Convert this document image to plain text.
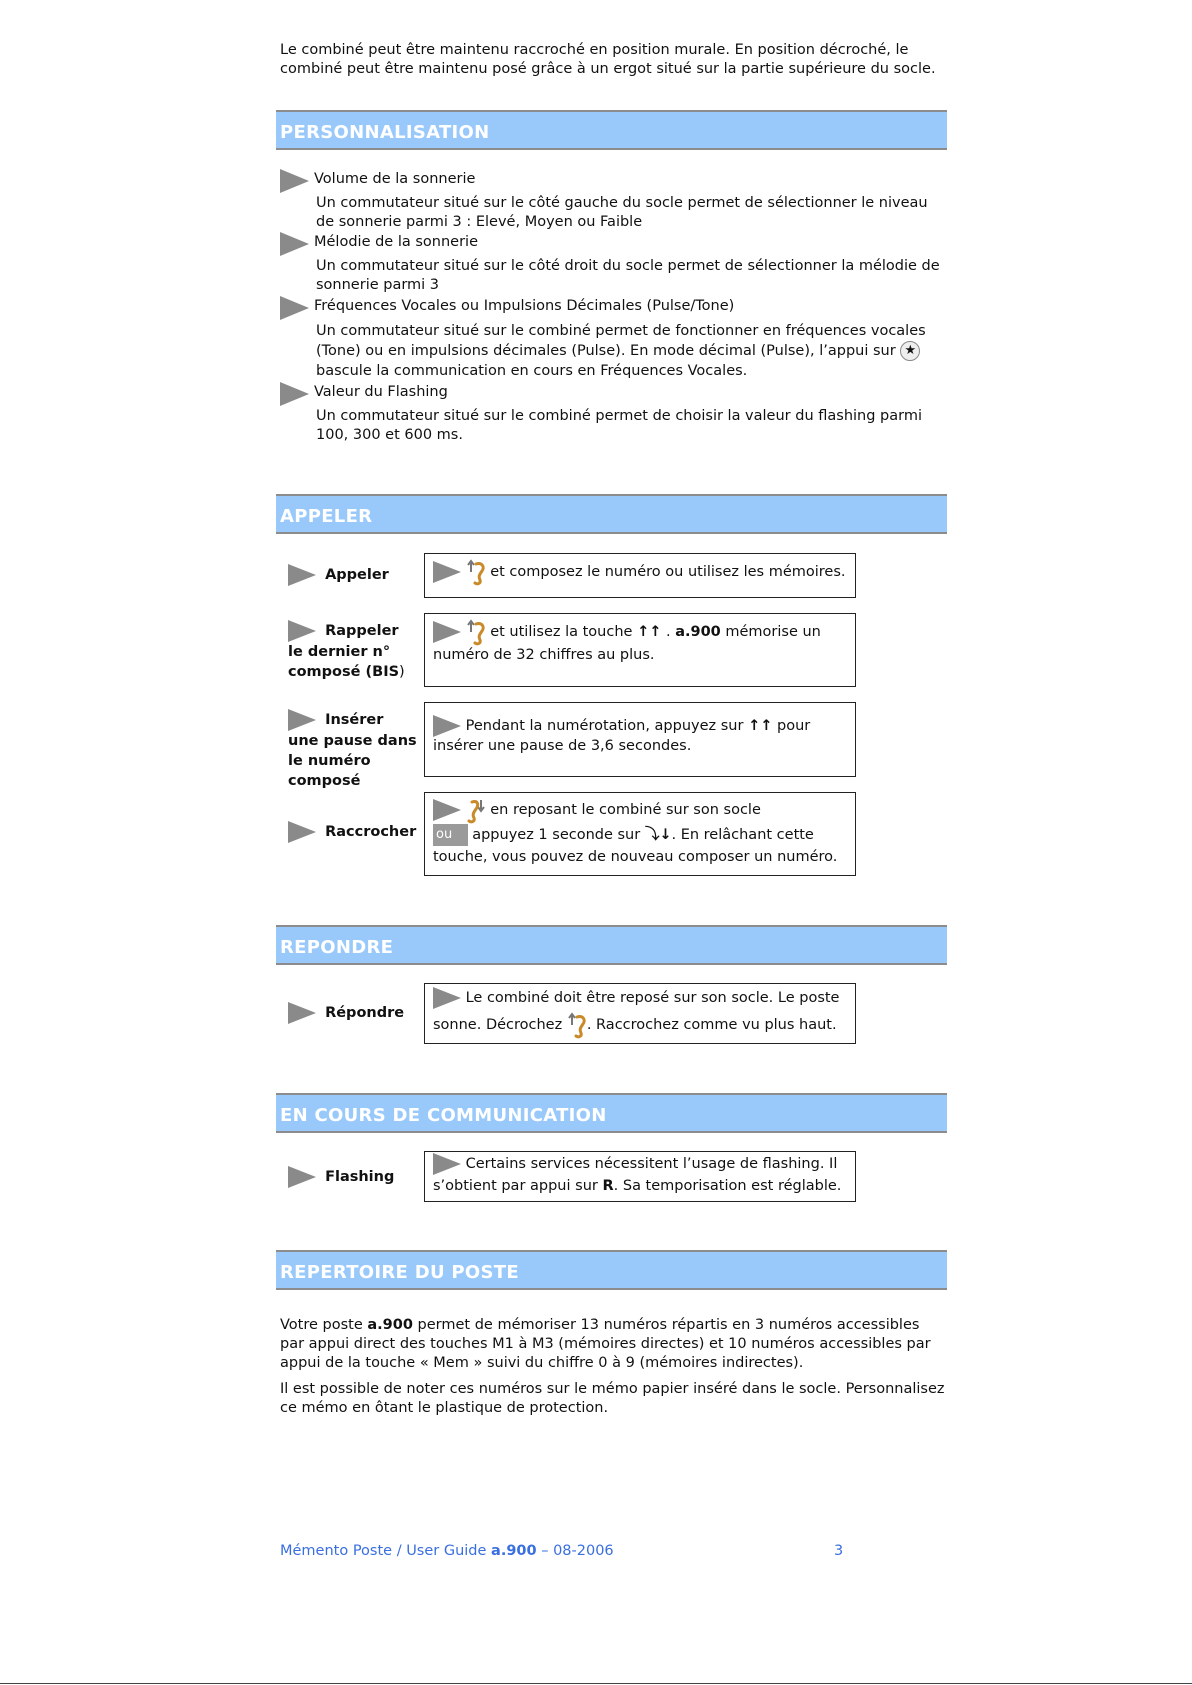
Le combiné peut être maintenu raccroché en position murale. En position décroché, le combiné peut être maintenu posé grâce à un ergot situé sur la partie supérieure du socle.
PERSONNALISATION
Volume de la sonnerie
Un commutateur situé sur le côté gauche du socle permet de sélectionner le niveau de sonnerie parmi 3 : Elevé, Moyen ou Faible
Mélodie de la sonnerie
Un commutateur situé sur le côté droit du socle permet de sélectionner la mélodie de sonnerie parmi 3
Fréquences Vocales ou Impulsions Décimales (Pulse/Tone)
Un commutateur situé sur le combiné permet de fonctionner en fréquences vocales (Tone) ou en impulsions décimales (Pulse). En mode décimal (Pulse), l’appui sur ★ bascule la communication en cours en Fréquences Vocales.
Valeur du Flashing
Un commutateur situé sur le combiné permet de choisir la valeur du flashing parmi 100, 300 et 600 ms.
APPELER
Appeler	et composez le numéro ou utilisez les mémoires.
Rappeler le dernier n° composé (BIS)
et utilisez la touche ↑↑ . a.900 mémorise un numéro de 32 chiffres au plus.
Insérer une pause dans le numéro composé
Pendant la numérotation, appuyez sur ↑↑ pour insérer une pause de 3,6 secondes.
Raccrocher
en reposant le combiné sur son socle
ou appuyez 1 seconde sur ⤵︎↓. En relâchant cette touche, vous pouvez de nouveau composer un numéro.
REPONDRE
Répondre
Le combiné doit être reposé sur son socle. Le poste sonne. Décrochez . Raccrochez comme vu plus haut.
EN COURS DE COMMUNICATION
Flashing
Certains services nécessitent l’usage de flashing. Il s’obtient par appui sur R. Sa temporisation est réglable.
REPERTOIRE DU POSTE
Votre poste a.900 permet de mémoriser 13 numéros répartis en 3 numéros accessibles par appui direct des touches M1 à M3 (mémoires directes) et 10 numéros accessibles par appui de la touche « Mem » suivi du chiffre 0 à 9 (mémoires indirectes).
Il est possible de noter ces numéros sur le mémo papier inséré dans le socle. Personnalisez ce mémo en ôtant le plastique de protection.
Mémento Poste / User Guide a.900 – 08-2006	3
